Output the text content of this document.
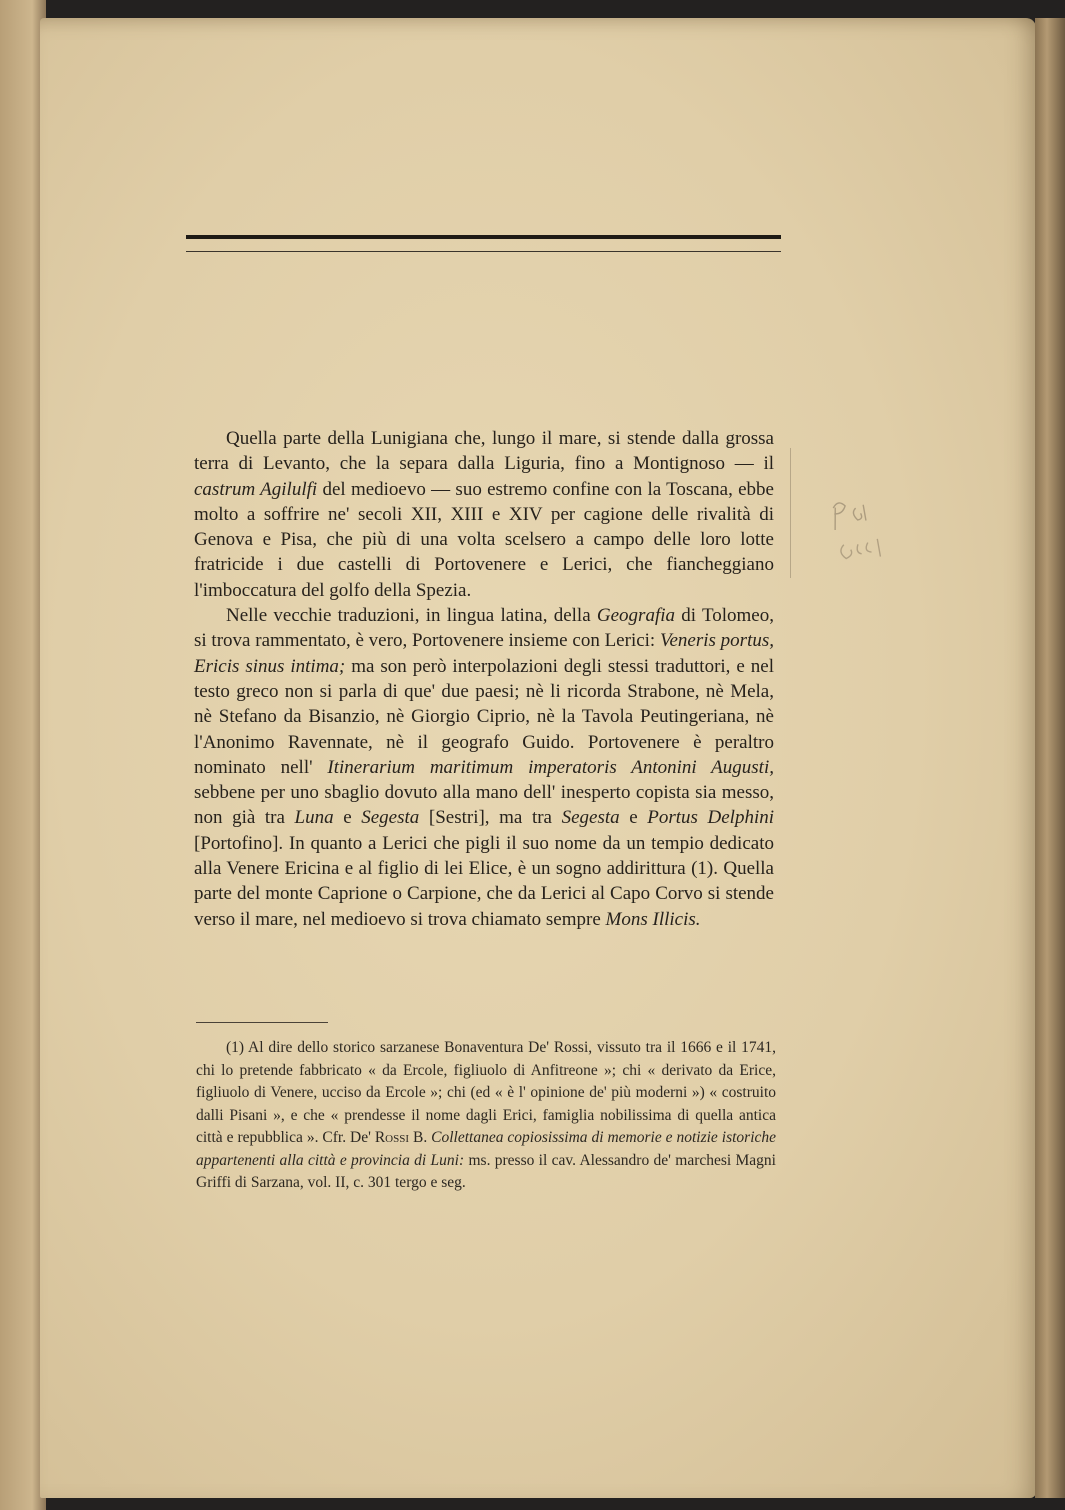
Quella parte della Lunigiana che, lungo il mare, si stende dalla grossa terra di Levanto, che la separa dalla Liguria, fino a Montignoso — il castrum Agilulfi del medioevo — suo estremo confine con la Toscana, ebbe molto a soffrire ne' secoli XII, XIII e XIV per cagione delle rivalità di Genova e Pisa, che più di una volta scelsero a campo delle loro lotte fratricide i due castelli di Portovenere e Lerici, che fiancheggiano l'imboccatura del golfo della Spezia.

Nelle vecchie traduzioni, in lingua latina, della Geografia di Tolomeo, si trova rammentato, è vero, Portovenere insieme con Lerici: Veneris portus, Ericis sinus intima; ma son però interpolazioni degli stessi traduttori, e nel testo greco non si parla di que' due paesi; nè li ricorda Strabone, nè Mela, nè Stefano da Bisanzio, nè Giorgio Ciprio, nè la Tavola Peutingeriana, nè l'Anonimo Ravennate, nè il geografo Guido. Portovenere è peraltro nominato nell' Itinerarium maritimum imperatoris Antonini Augusti, sebbene per uno sbaglio dovuto alla mano dell' inesperto copista sia messo, non già tra Luna e Segesta [Sestri], ma tra Segesta e Portus Delphini [Portofino]. In quanto a Lerici che pigli il suo nome da un tempio dedicato alla Venere Ericina e al figlio di lei Elice, è un sogno addirittura (1). Quella parte del monte Caprione o Carpione, che da Lerici al Capo Corvo si stende verso il mare, nel medioevo si trova chiamato sempre Mons Illicis.

(1) Al dire dello storico sarzanese Bonaventura De' Rossi, vissuto tra il 1666 e il 1741, chi lo pretende fabbricato « da Ercole, figliuolo di Anfitreone »; chi « derivato da Erice, figliuolo di Venere, ucciso da Ercole »; chi (ed « è l' opinione de' più moderni ») « costruito dalli Pisani », e che « prendesse il nome dagli Erici, famiglia nobilissima di quella antica città e repubblica ». Cfr. De' Rossi B. Collettanea copiosissima di memorie e notizie istoriche appartenenti alla città e provincia di Luni: ms. presso il cav. Alessandro de' marchesi Magni Griffi di Sarzana, vol. II, c. 301 tergo e seg.
